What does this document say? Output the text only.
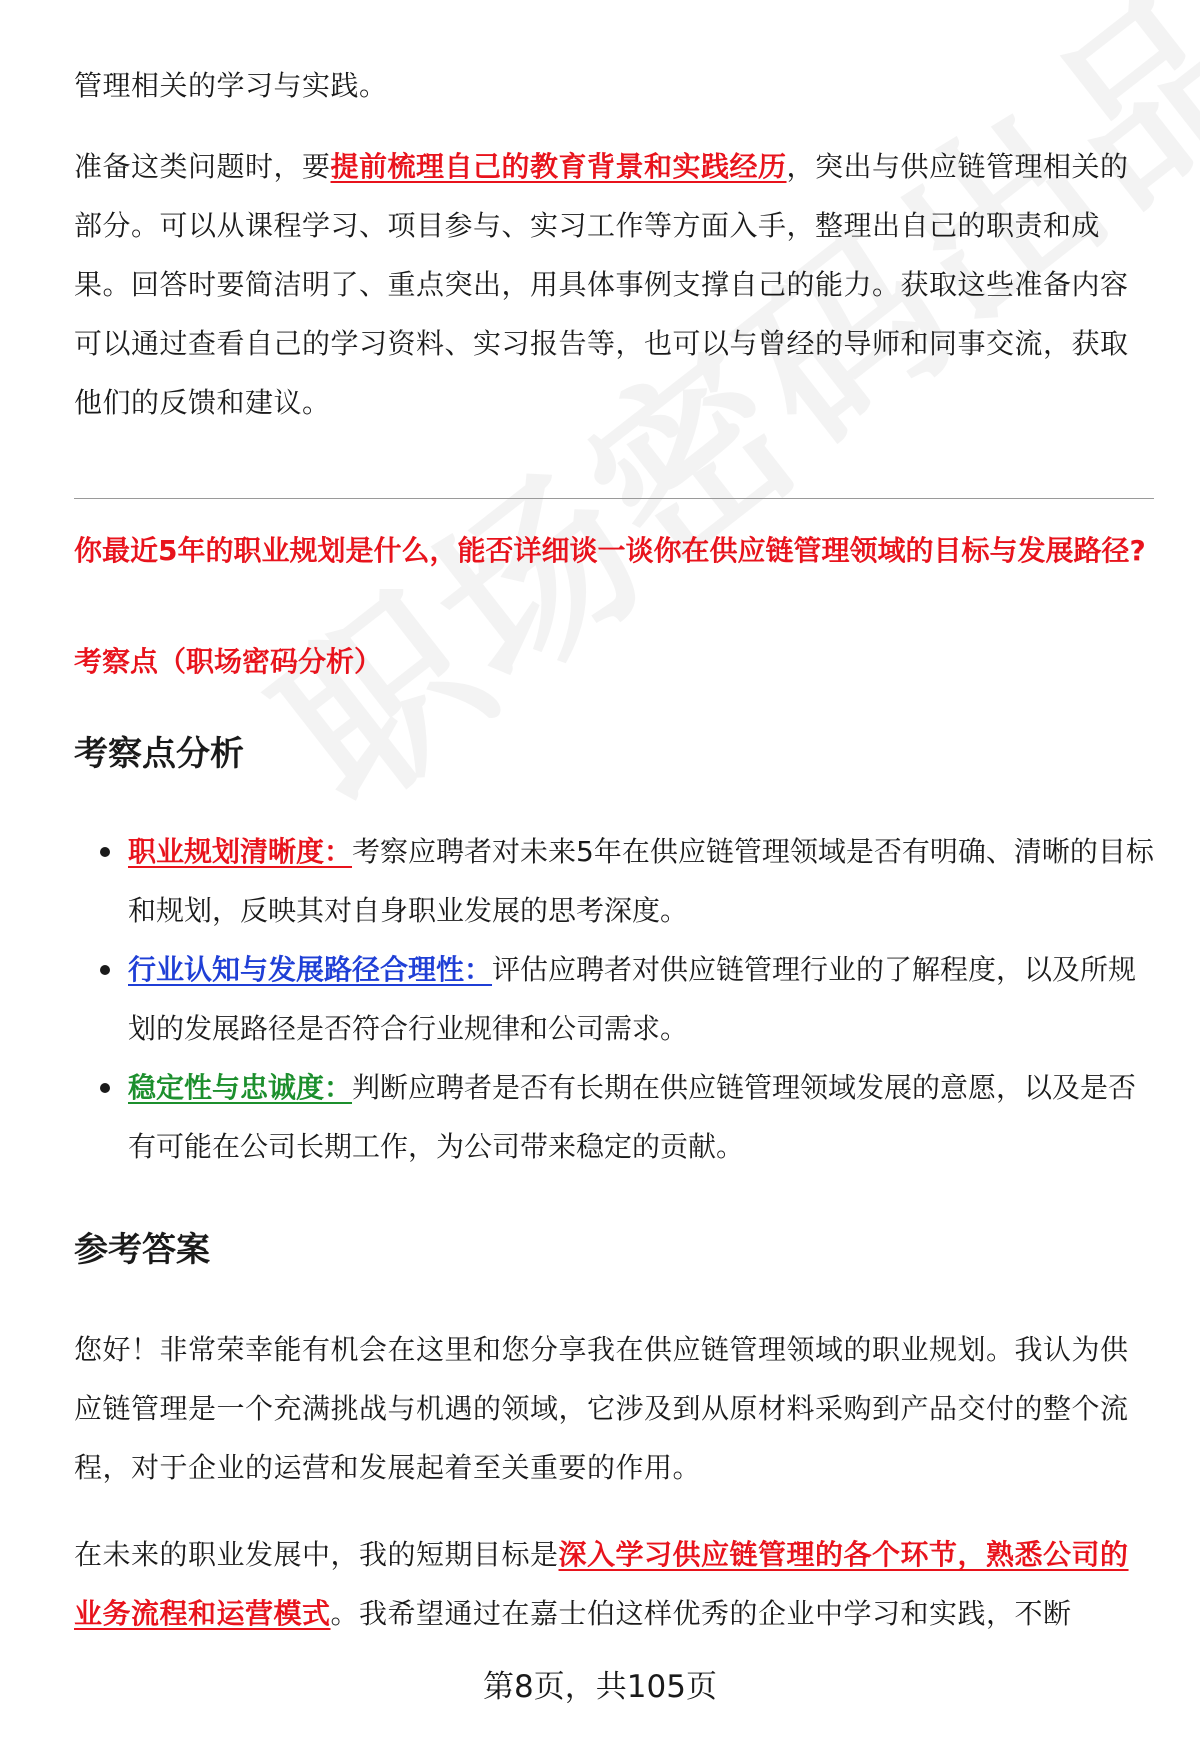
管理相关的学习与实践。

准备这类问题时，要提前梳理自己的教育背景和实践经历，突出与供应链管理相关的部分。可以从课程学习、项目参与、实习工作等方面入手，整理出自己的职责和成果。回答时要简洁明了、重点突出，用具体事例支撑自己的能力。获取这些准备内容可以通过查看自己的学习资料、实习报告等，也可以与曾经的导师和同事交流，获取他们的反馈和建议。

你最近5年的职业规划是什么，能否详细谈一谈你在供应链管理领域的目标与发展路径?

考察点（职场密码分析）

考察点分析
职业规划清晰度：考察应聘者对未来5年在供应链管理领域是否有明确、清晰的目标和规划，反映其对自身职业发展的思考深度。
行业认知与发展路径合理性：评估应聘者对供应链管理行业的了解程度，以及所规划的发展路径是否符合行业规律和公司需求。
稳定性与忠诚度：判断应聘者是否有长期在供应链管理领域发展的意愿，以及是否有可能在公司长期工作，为公司带来稳定的贡献。
参考答案

您好！非常荣幸能有机会在这里和您分享我在供应链管理领域的职业规划。我认为供应链管理是一个充满挑战与机遇的领域，它涉及到从原材料采购到产品交付的整个流程，对于企业的运营和发展起着至关重要的作用。

在未来的职业发展中，我的短期目标是深入学习供应链管理的各个环节，熟悉公司的业务流程和运营模式。我希望通过在嘉士伯这样优秀的企业中学习和实践，不断

第8页，共105页
